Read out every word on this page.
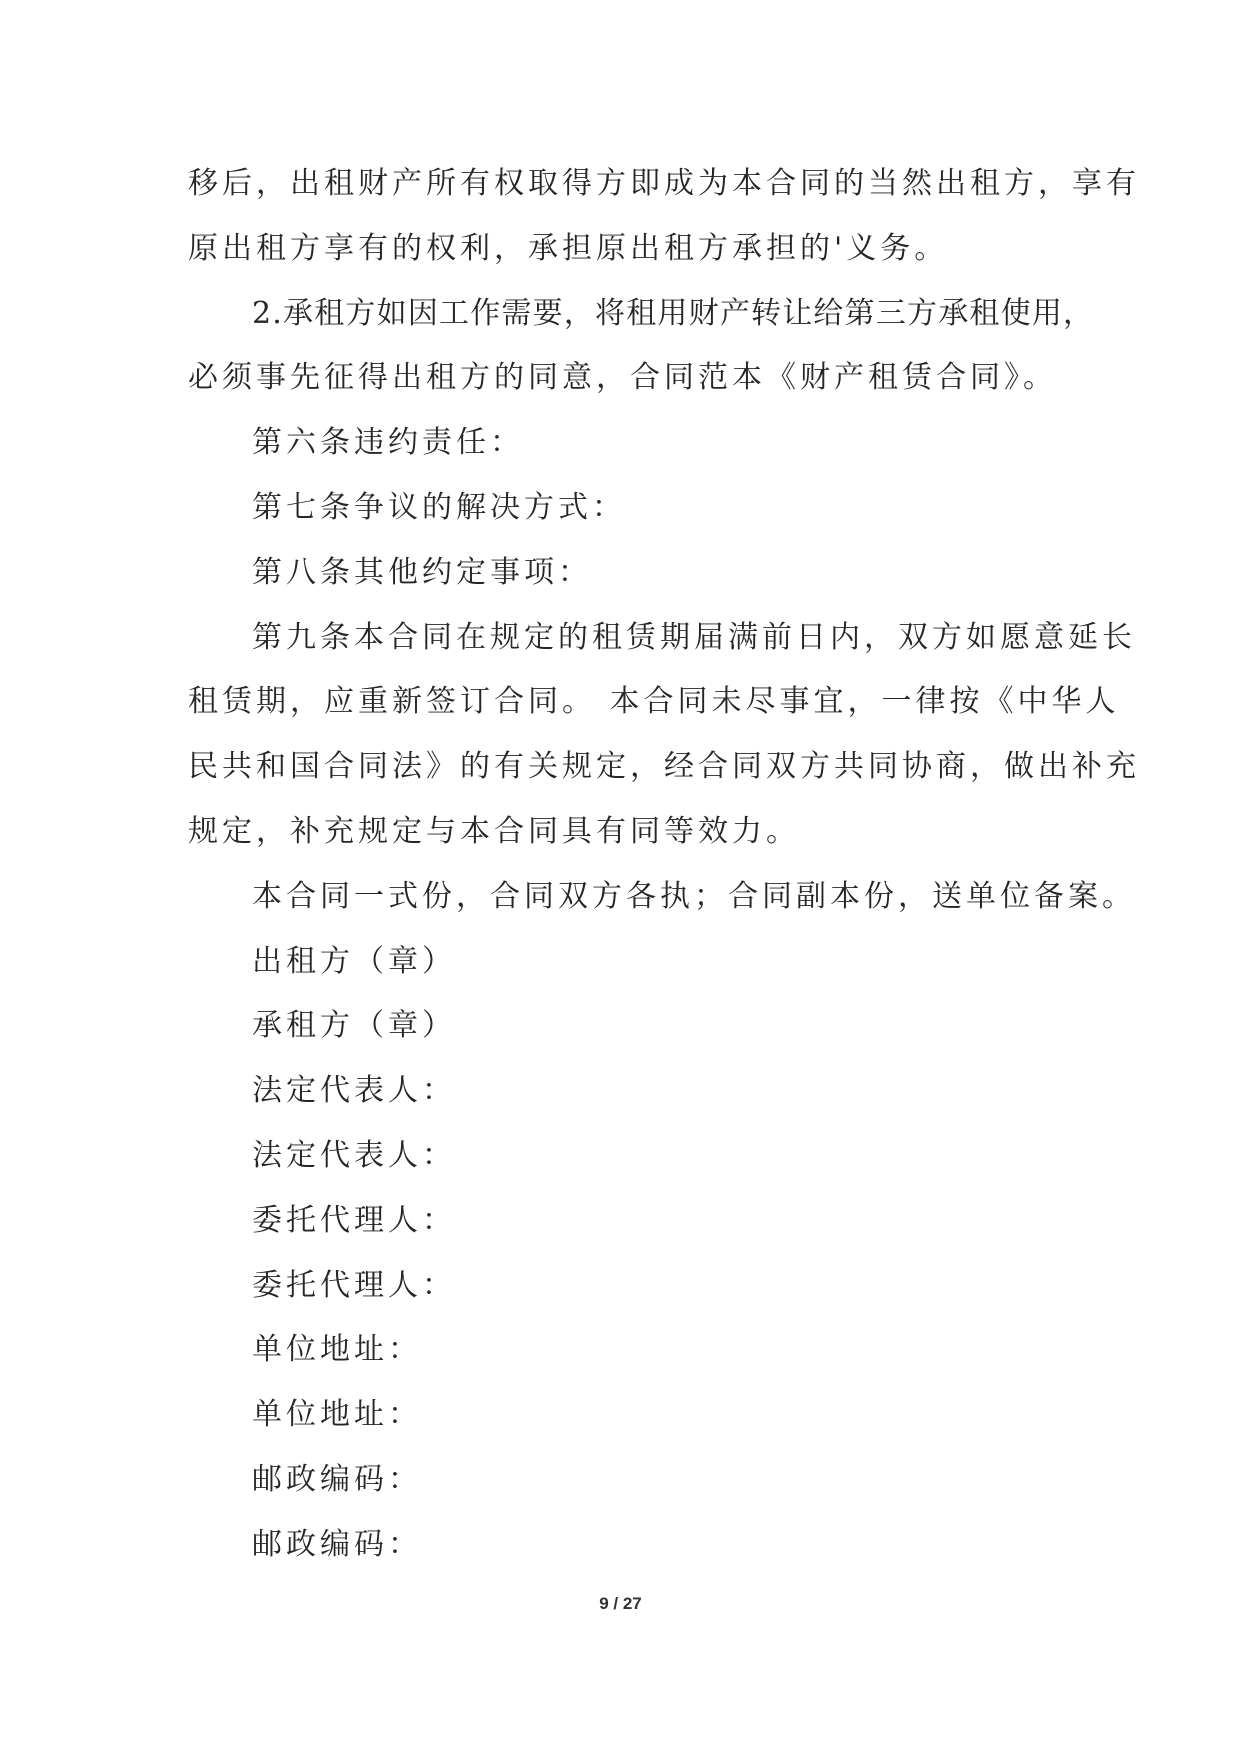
移后，出租财产所有权取得方即成为本合同的当然出租方，享有

原出租方享有的权利，承担原出租方承担的'义务。

2.承租方如因工作需要，将租用财产转让给第三方承租使用，

必须事先征得出租方的同意，合同范本《财产租赁合同》。

第六条违约责任：

第七条争议的解决方式：

第八条其他约定事项：

第九条本合同在规定的租赁期届满前日内，双方如愿意延长

租赁期，应重新签订合同。 本合同未尽事宜，一律按《中华人

民共和国合同法》的有关规定，经合同双方共同协商，做出补充

规定，补充规定与本合同具有同等效力。

本合同一式份，合同双方各执；合同副本份，送单位备案。

出租方（章）

承租方（章）

法定代表人：

法定代表人：

委托代理人：

委托代理人：

单位地址：

单位地址：

邮政编码：

邮政编码：

9 / 27
